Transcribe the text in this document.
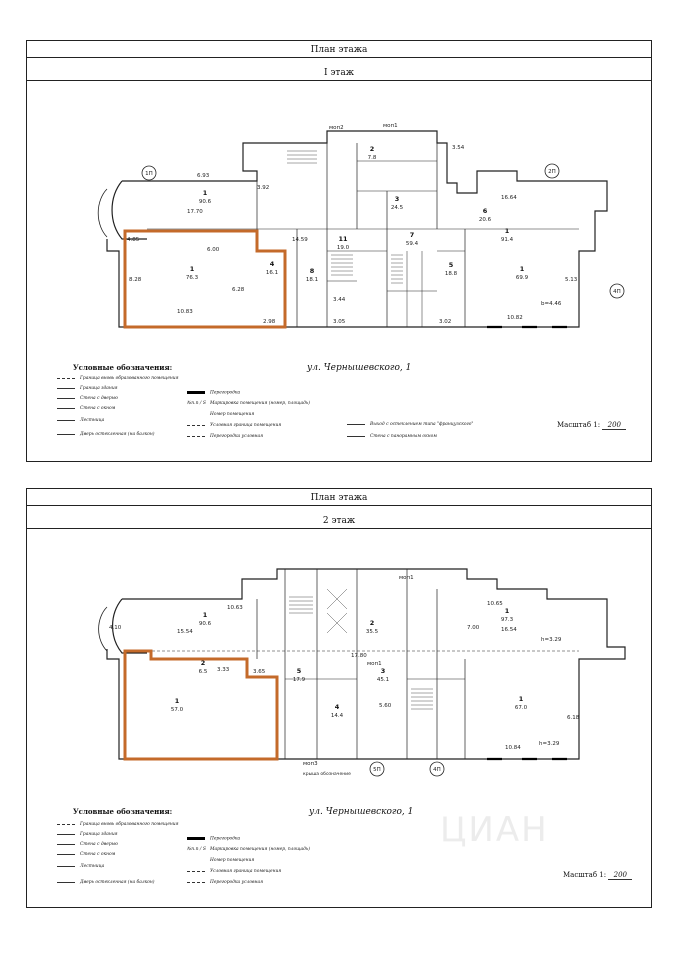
План этажа
I этаж
1П	2П
4П
моп2	моп1
1
90.6
2
7.8
3
24.5
1
91.4
1
76.3
4
16.1	8
18.1
11
19.0
7
59.4
5
18.8
1
69.9
6
20.6
10.83
6.28
8.28
16.64
17.70
14.59
10.82
b=4.46
3.92
3.54
6.93
5.13
3.44
3.05	3.02
4.85
2.98
6.00
ул. Чернышевского, 1
Условные обозначения:
Граница вновь образованного помещения
Граница здания
Стена с дверью
Стена с окном
Лестница
Дверь остекленная (на балкон)
Перегородка
№п.п / S Маркировка помещения (номер, площадь)
Номер помещения
Условная граница помещения
Перегородка условная
Выход с остеклением типа "французского"
Стена с панорамным окном
Масштаб 1: 200
План этажа
2 этаж
5П	4П
моп1
моп1
моп3
крыша обозначение
1
90.6	2
35.5
1
97.3
1
57.0
3
45.1
1
67.0
2
6.5
4
14.4
5
17.9
15.54
10.63
16.54
10.65
h=3.29
17.80
10.84
h=3.29
3.65
5.60
4.10
3.33
6.18
7.00
ул. Чернышевского, 1
Условные обозначения:
Граница вновь образованного помещения
Граница здания
Стена с дверью
Стена с окном
Лестница
Дверь остекленная (на балкон)
Перегородка
№п.п / S Маркировка помещения (номер, площадь)
Номер помещения
Условная граница помещения
Перегородка условная
Масштаб 1: 200
ЦИАН
